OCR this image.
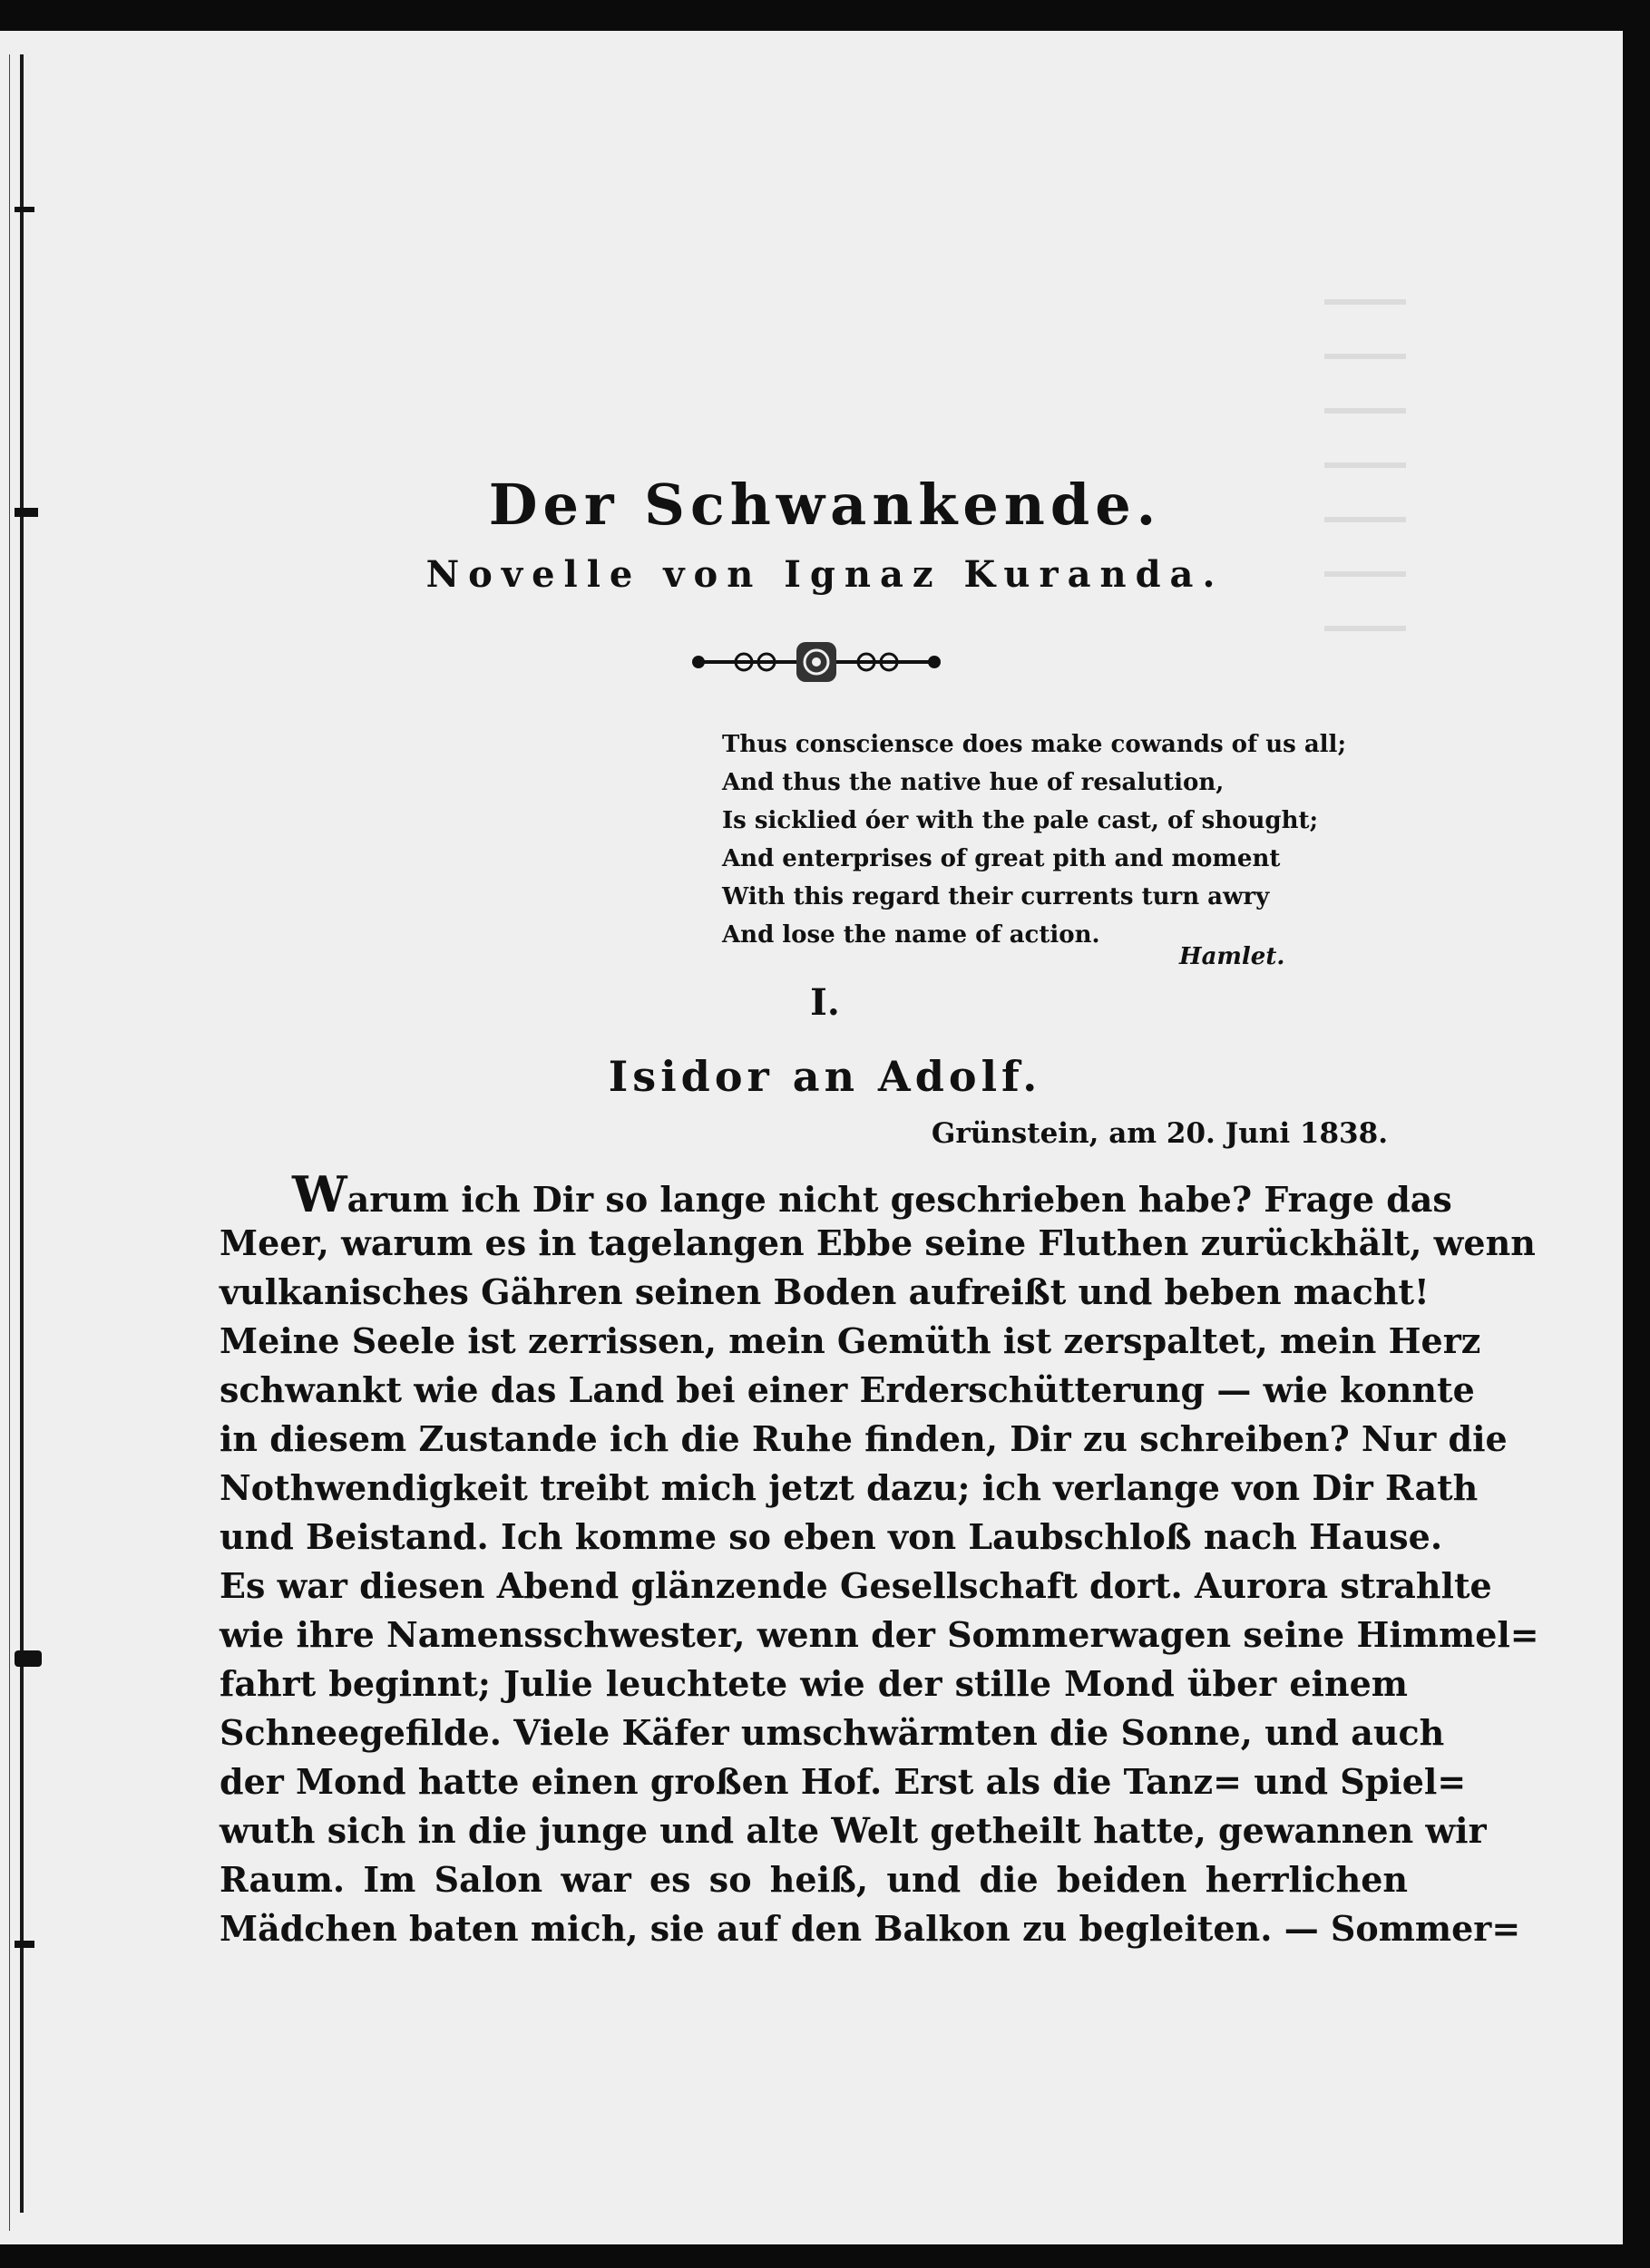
Der Schwankende.
Novelle von Ignaz Kuranda.
Thus consciensce does make cowands of us all;
And thus the native hue of resalution,
Is sicklied óer with the pale cast, of shought;
And enterprises of great pith and moment
With this regard their currents turn awry
And lose the name of action.
Hamlet.
I.
Isidor an Adolf.
Grünstein, am 20. Juni 1838.
Warum ich Dir so lange nicht geschrieben habe? Frage das
Meer, warum es in tagelangen Ebbe seine Fluthen zurückhält, wenn
vulkanisches Gähren seinen Boden aufreißt und beben macht!
Meine Seele ist zerrissen, mein Gemüth ist zerspaltet, mein Herz
schwankt wie das Land bei einer Erderschütterung — wie konnte
in diesem Zustande ich die Ruhe finden, Dir zu schreiben? Nur die
Nothwendigkeit treibt mich jetzt dazu; ich verlange von Dir Rath
und Beistand. Ich komme so eben von Laubschloß nach Hause.
Es war diesen Abend glänzende Gesellschaft dort. Aurora strahlte
wie ihre Namensschwester, wenn der Sommerwagen seine Himmel=
fahrt beginnt; Julie leuchtete wie der stille Mond über einem
Schneegefilde. Viele Käfer umschwärmten die Sonne, und auch
der Mond hatte einen großen Hof. Erst als die Tanz= und Spiel=
wuth sich in die junge und alte Welt getheilt hatte, gewannen wir
Raum. Im Salon war es so heiß, und die beiden herrlichen
Mädchen baten mich, sie auf den Balkon zu begleiten. — Sommer=
